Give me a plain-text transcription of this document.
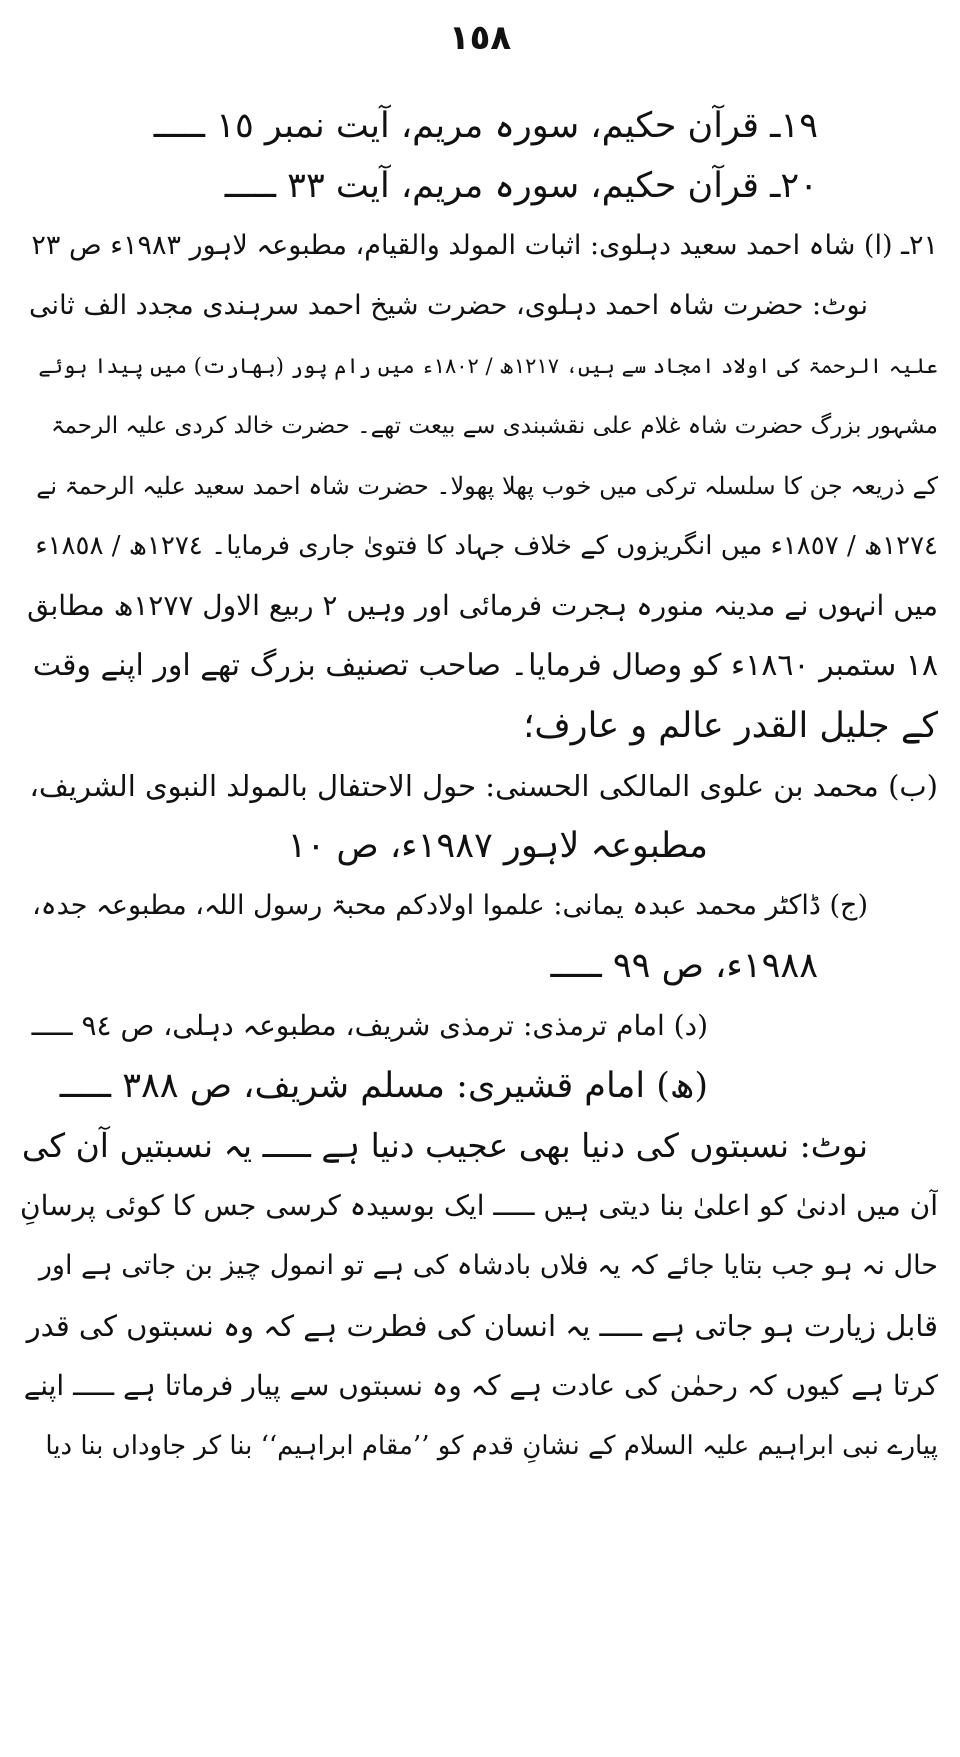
١٥٨
١٩ـ قرآن حکیم، سورہ مریم، آیت نمبر ١٥ ـــــ
٢٠ـ قرآن حکیم، سورہ مریم، آیت ٣٣ ـــــ
٢١ـ (ا) شاہ احمد سعید دہلوی: اثبات المولد والقیام، مطبوعہ لاہور ١٩٨٣ء ص ٢٣
نوٹ: حضرت شاہ احمد دہلوی، حضرت شیخ احمد سرہندی مجدد الف ثانی
علیہ الرحمۃ کی اولاد امجاد سے ہیں، ١٢١٧ھ / ١٨٠٢ء میں رام پور (بھارت) میں پیدا ہوئے
مشہور بزرگ حضرت شاہ غلام علی نقشبندی سے بیعت تھے۔ حضرت خالد کردی علیہ الرحمۃ
کے ذریعہ جن کا سلسلہ ترکی میں خوب پھلا پھولا۔ حضرت شاہ احمد سعید علیہ الرحمۃ نے
١٢٧٤ھ / ١٨٥٧ء میں انگریزوں کے خلاف جہاد کا فتویٰ جاری فرمایا۔ ١٢٧٤ھ / ١٨٥٨ء
میں انہوں نے مدینہ منورہ ہجرت فرمائی اور وہیں ٢ ربیع الاول ١٢٧٧ھ مطابق
١٨ ستمبر ١٨٦٠ء کو وصال فرمایا۔ صاحب تصنیف بزرگ تھے اور اپنے وقت
کے جلیل القدر عالم و عارف؛
(ب) محمد بن علوی المالکی الحسنی: حول الاحتفال بالمولد النبوی الشریف،
مطبوعہ لاہور ١٩٨٧ء، ص ١٠
(ج) ڈاکٹر محمد عبدہ یمانی: علموا اولادکم محبۃ رسول اللہ، مطبوعہ جدہ،
١٩٨٨ء، ص ٩٩ ـــــ
(د) امام ترمذی: ترمذی شریف، مطبوعہ دہلی، ص ٩٤ ـــــ
(ھ) امام قشیری: مسلم شریف، ص ٣٨٨ ـــــ
نوٹ: نسبتوں کی دنیا بھی عجیب دنیا ہے ـــــ یہ نسبتیں آن کی
آن میں ادنیٰ کو اعلیٰ بنا دیتی ہیں ـــــ ایک بوسیدہ کرسی جس کا کوئی پرسانِ
حال نہ ہو جب بتایا جائے کہ یہ فلاں بادشاہ کی ہے تو انمول چیز بن جاتی ہے اور
قابل زیارت ہو جاتی ہے ـــــ یہ انسان کی فطرت ہے کہ وہ نسبتوں کی قدر
کرتا ہے کیوں کہ رحمٰن کی عادت ہے کہ وہ نسبتوں سے پیار فرماتا ہے ـــــ اپنے
پیارے نبی ابراہیم علیہ السلام کے نشانِ قدم کو ’’مقام ابراہیم‘‘ بنا کر جاوداں بنا دیا
